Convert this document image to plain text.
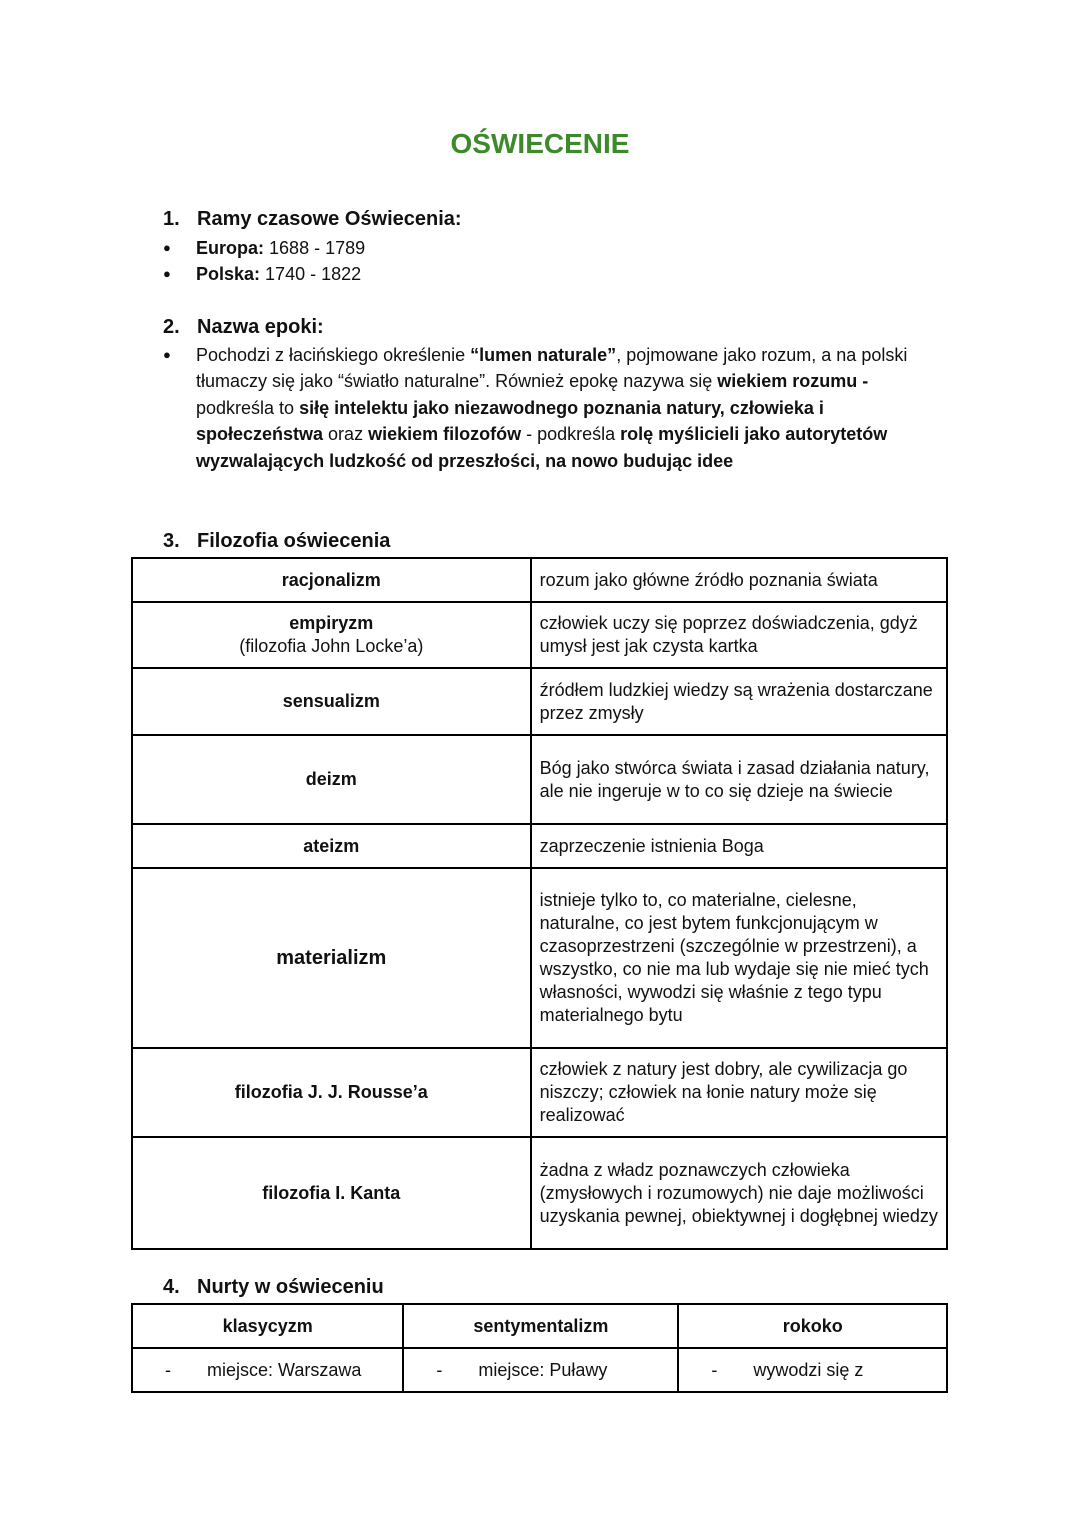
OŚWIECENIE
1. Ramy czasowe Oświecenia:
● Europa: 1688 - 1789
● Polska: 1740 - 1822
2. Nazwa epoki:
● Pochodzi z łacińskiego określenie “lumen naturale”, pojmowane jako rozum, a na polski tłumaczy się jako “światło naturalne”. Również epokę nazywa się wiekiem rozumu - podkreśla to siłę intelektu jako niezawodnego poznania natury, człowieka i społeczeństwa oraz wiekiem filozofów - podkreśla rolę myślicieli jako autorytetów wyzwalających ludzkość od przeszłości, na nowo budując idee
3. Filozofia oświecenia
racjonalizm	rozum jako główne źródło poznania świata
empiryzm
(filozofia John Locke’a)	człowiek uczy się poprzez doświadczenia, gdyż umysł jest jak czysta kartka
sensualizm	źródłem ludzkiej wiedzy są wrażenia dostarczane przez zmysły
deizm	Bóg jako stwórca świata i zasad działania natury, ale nie ingeruje w to co się dzieje na świecie
ateizm	zaprzeczenie istnienia Boga
materializm	istnieje tylko to, co materialne, cielesne, naturalne, co jest bytem funkcjonującym w czasoprzestrzeni (szczególnie w przestrzeni), a wszystko, co nie ma lub wydaje się nie mieć tych własności, wywodzi się właśnie z tego typu materialnego bytu
filozofia J. J. Rousse’a	człowiek z natury jest dobry, ale cywilizacja go niszczy; człowiek na łonie natury może się realizować
filozofia I. Kanta	żadna z władz poznawczych człowieka (zmysłowych i rozumowych) nie daje możliwości uzyskania pewnej, obiektywnej i dogłębnej wiedzy
4. Nurty w oświeceniu
klasycyzm	sentymentalizm	rokoko
- miejsce: Warszawa	- miejsce: Puławy	- wywodzi się z
